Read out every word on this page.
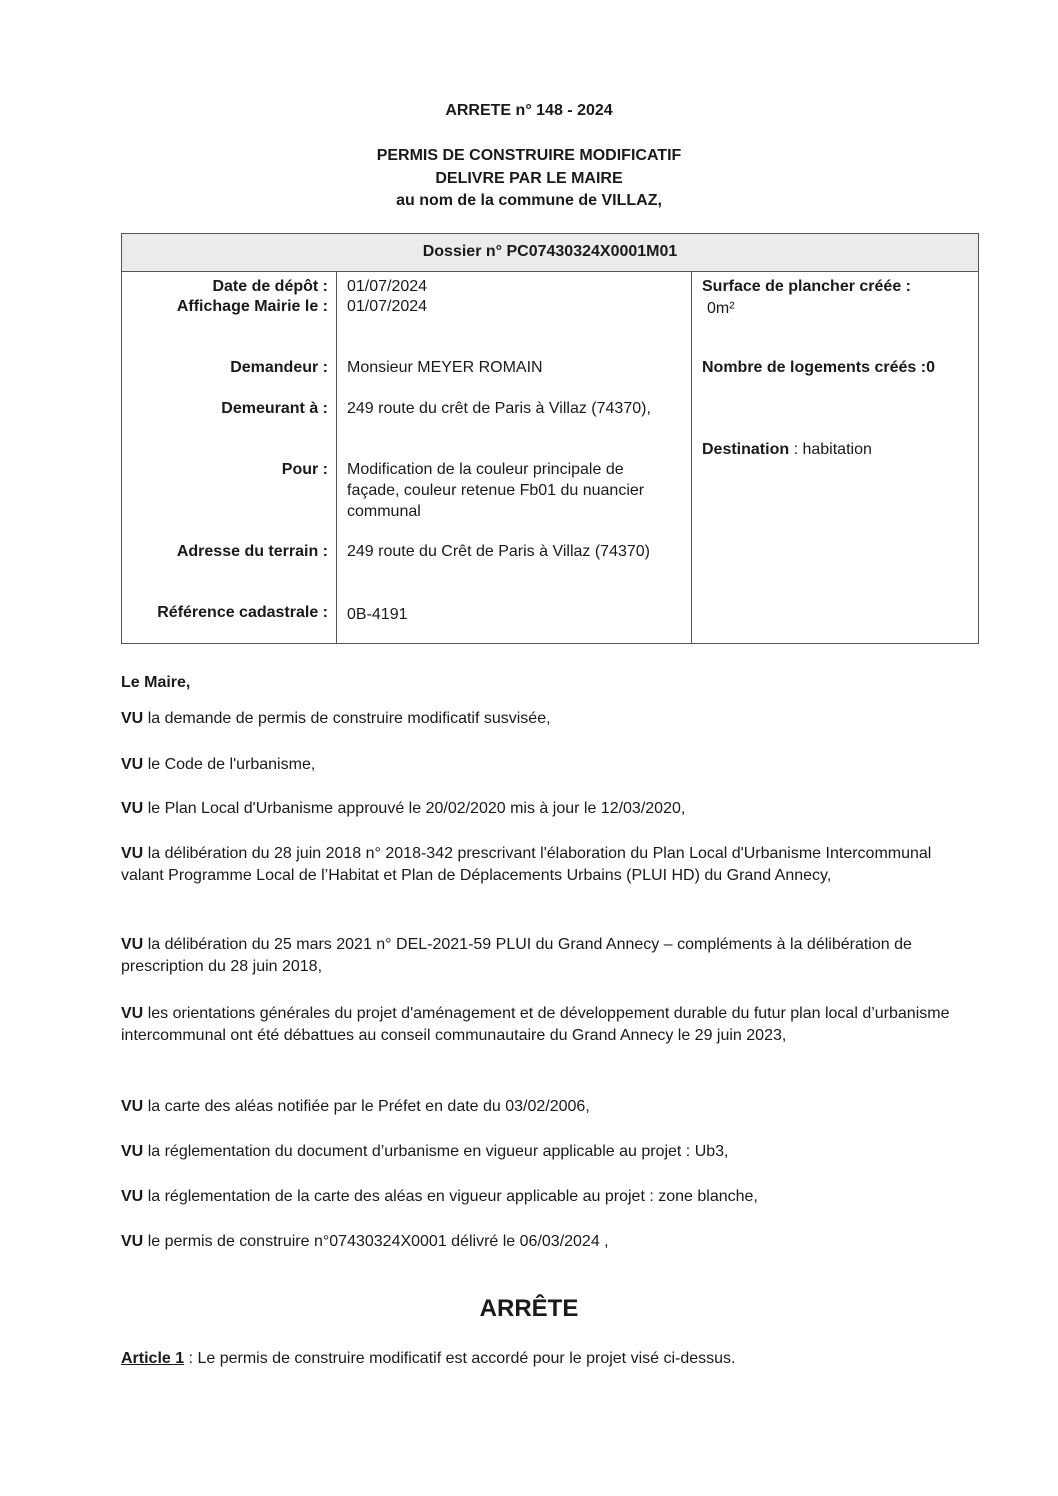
ARRETE n° 148 - 2024
PERMIS DE CONSTRUIRE MODIFICATIF
DELIVRE PAR LE MAIRE
au nom de la commune de VILLAZ,
Dossier n° PC07430324X0001M01
Date de dépôt : 01/07/2024
Affichage Mairie le : 01/07/2024
Demandeur : Monsieur MEYER ROMAIN
Demeurant à : 249 route du crêt de Paris à Villaz (74370),
Pour : Modification de la couleur principale de façade, couleur retenue Fb01 du nuancier communal
Adresse du terrain : 249 route du Crêt de Paris à Villaz (74370)
Référence cadastrale : 0B-4191
Surface de plancher créée :
0m²
Nombre de logements créés :0
Destination : habitation
Le Maire,
VU la demande de permis de construire modificatif susvisée,
VU le Code de l'urbanisme,
VU le Plan Local d'Urbanisme approuvé le 20/02/2020 mis à jour le 12/03/2020,
VU la délibération du 28 juin 2018 n° 2018-342 prescrivant l'élaboration du Plan Local d'Urbanisme Intercommunal valant Programme Local de l’Habitat et Plan de Déplacements Urbains (PLUI HD) du Grand Annecy,
VU la délibération du 25 mars 2021 n° DEL-2021-59 PLUI du Grand Annecy – compléments à la délibération de prescription du 28 juin 2018,
VU les orientations générales du projet d'aménagement et de développement durable du futur plan local d’urbanisme intercommunal ont été débattues au conseil communautaire du Grand Annecy le 29 juin 2023,
VU la carte des aléas notifiée par le Préfet en date du 03/02/2006,
VU la réglementation du document d’urbanisme en vigueur applicable au projet : Ub3,
VU la réglementation de la carte des aléas en vigueur applicable au projet : zone blanche,
VU le permis de construire n°07430324X0001 délivré le 06/03/2024 ,
ARRÊTE
Article 1 : Le permis de construire modificatif est accordé pour le projet visé ci-dessus.
